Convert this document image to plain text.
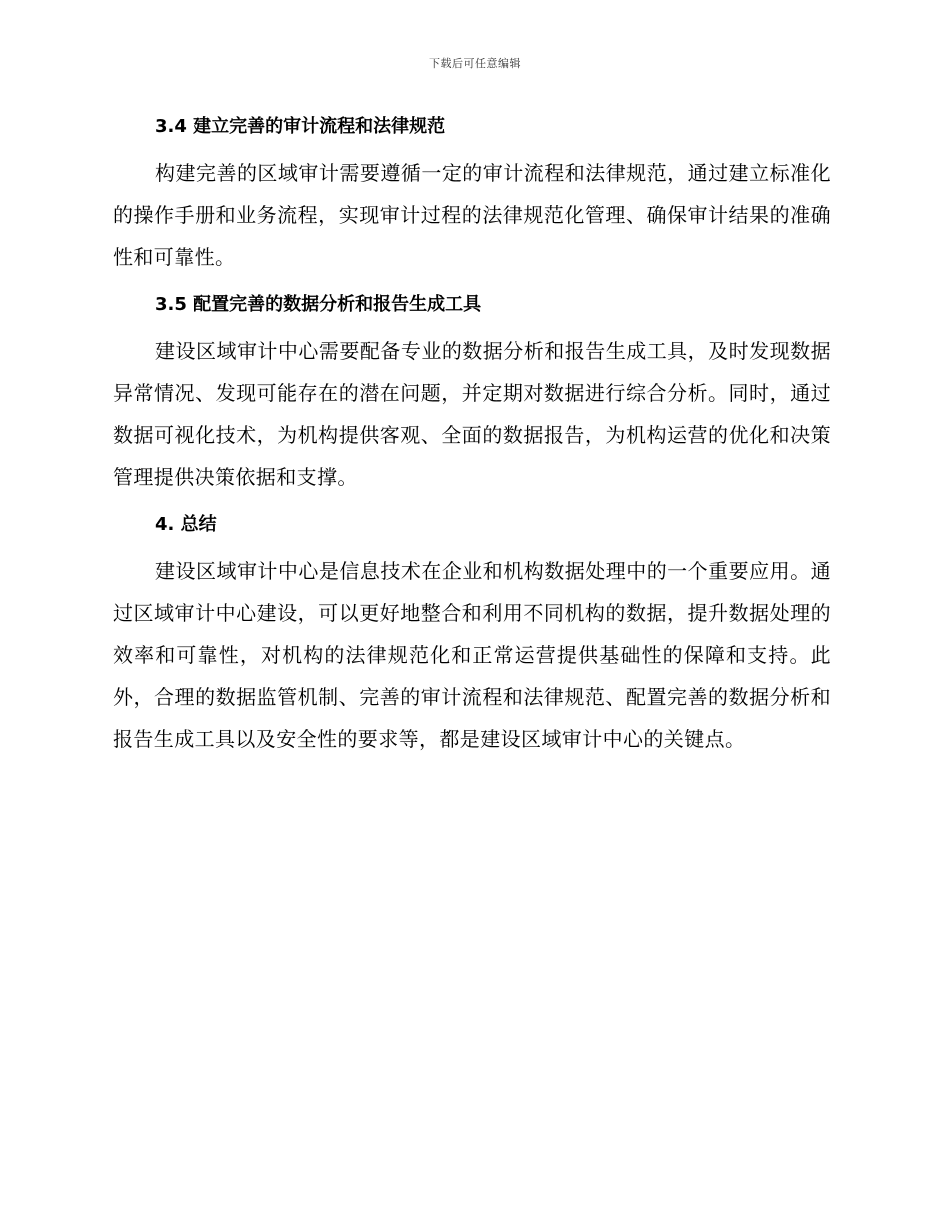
下载后可任意编辑
3.4 建立完善的审计流程和法律规范

构建完善的区域审计需要遵循一定的审计流程和法律规范，通过建立标准化的操作手册和业务流程，实现审计过程的法律规范化管理、确保审计结果的准确性和可靠性。

3.5 配置完善的数据分析和报告生成工具

建设区域审计中心需要配备专业的数据分析和报告生成工具，及时发现数据异常情况、发现可能存在的潜在问题，并定期对数据进行综合分析。同时，通过数据可视化技术，为机构提供客观、全面的数据报告，为机构运营的优化和决策管理提供决策依据和支撑。

4. 总结

建设区域审计中心是信息技术在企业和机构数据处理中的一个重要应用。通过区域审计中心建设，可以更好地整合和利用不同机构的数据，提升数据处理的效率和可靠性，对机构的法律规范化和正常运营提供基础性的保障和支持。此外，合理的数据监管机制、完善的审计流程和法律规范、配置完善的数据分析和报告生成工具以及安全性的要求等，都是建设区域审计中心的关键点。
